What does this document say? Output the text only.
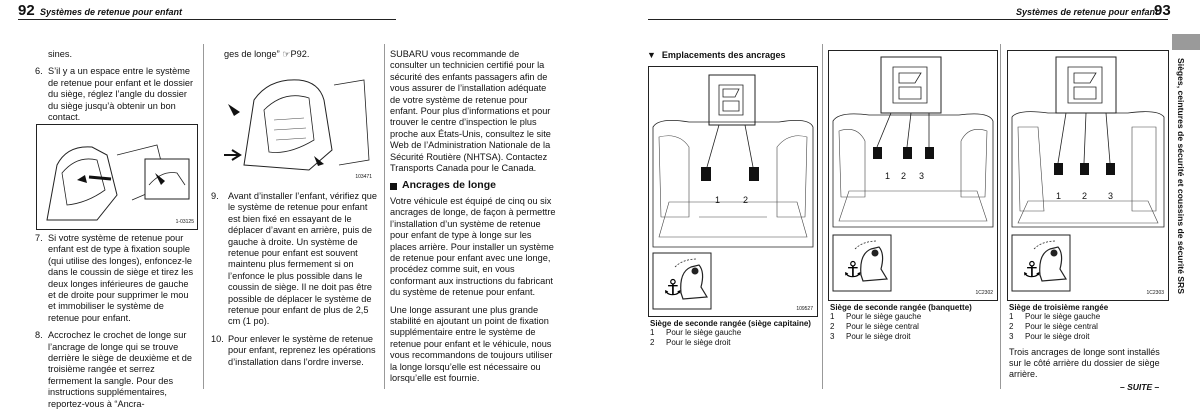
92 Systèmes de retenue pour enfant	Systèmes de retenue pour enfant
93

sines.

6. S’il y a un espace entre le système de retenue pour enfant et le dossier du siège, réglez l’angle du dossier du siège jusqu’à obtenir un bon contact.
1-03125
7. Si votre système de retenue pour enfant est de type à fixation souple (qui utilise des longes), enfoncez-le dans le coussin de siège et tirez les deux longes inférieures de gauche et de droite pour supprimer le mou et immobiliser le système de retenue pour enfant.
8. Accrochez le crochet de longe sur l’ancrage de longe qui se trouve derrière le siège de deuxième et de troisième rangée et serrez fermement la sangle. Pour des instructions supplémentaires, reportez-vous à “Ancra-

ges de longe” ☞P92.

103471
9.	Avant d’installer l’enfant, vérifiez que le système de retenue pour enfant est bien fixé en essayant de le déplacer d’avant en arrière, puis de gauche à droite. Un système de retenue pour enfant est souvent maintenu plus fermement si on l’enfonce le plus possible dans le coussin de siège. Il ne doit pas être possible de déplacer le système de retenue pour enfant de plus de 2,5 cm (1 po).
10. Pour enlever le système de retenue pour enfant, reprenez les opérations d’installation dans l’ordre inverse.

SUBARU vous recommande de consulter un technicien certifié pour la sécurité des enfants passagers afin de vous assurer de l’installation adéquate de votre système de retenue pour enfant. Pour plus d’informations et pour trouver le centre d’inspection le plus proche aux États-Unis, consultez le site Web de l’Administration Nationale de la Sécurité Routière (NHTSA). Contactez Transports Canada pour le Canada.

Ancrages de longe

Votre véhicule est équipé de cinq ou six ancrages de longe, de façon à permettre l’installation d’un système de retenue pour enfant de type à longe sur les places arrière. Pour installer un système de retenue pour enfant avec une longe, procédez comme suit, en vous conformant aux instructions du fabricant du système de retenue pour enfant.

Une longe assurant une plus grande stabilité en ajoutant un point de fixation supplémentaire entre le système de retenue pour enfant et le véhicule, nous vous recommandons de toujours utiliser la longe lorsqu’elle est nécessaire ou lorsqu’elle est fournie.

▼ Emplacements des ancrages
⚓
1	2
109527
Siège de seconde rangée (siège capitaine)
1	Pour le siège gauche
2	Pour le siège droit
⚓
1 2 3
1C2302
Siège de seconde rangée (banquette)
1	Pour le siège gauche
2	Pour le siège central
3	Pour le siège droit
⚓
1 2 3
1C2303
Siège de troisième rangée
1	Pour le siège gauche
2	Pour le siège central
3	Pour le siège droit
Trois ancrages de longe sont installés sur le côté arrière du dossier de siège arrière.
– SUITE –
Sièges, ceintures de sécurité et coussins de sécurité SRS
